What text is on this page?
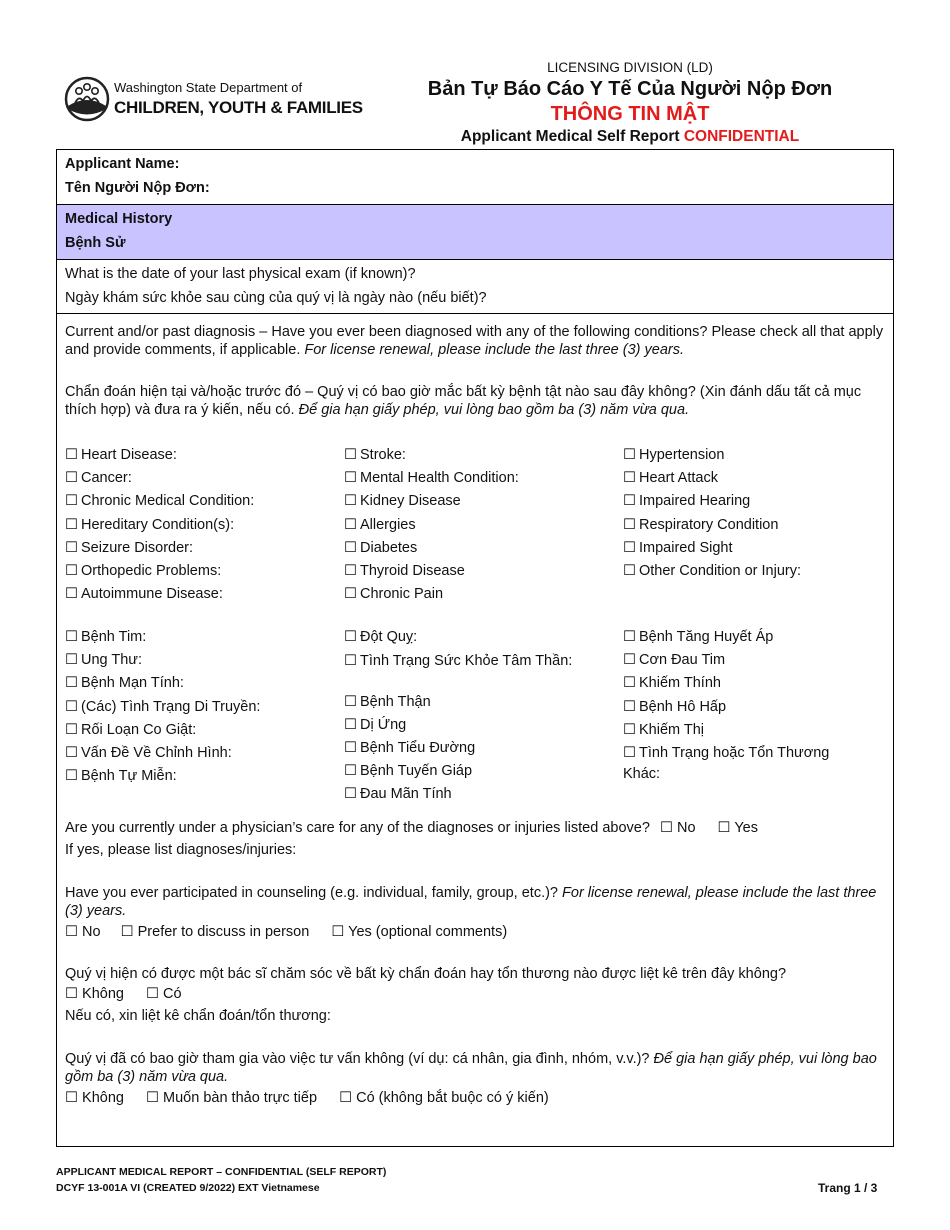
Washington State Department of
CHILDREN, YOUTH & FAMILIES
LICENSING DIVISION (LD)
Bản Tự Báo Cáo Y Tế Của Người Nộp Đơn
THÔNG TIN MẬT
Applicant Medical Self Report CONFIDENTIAL
Applicant Name:
Tên Người Nộp Đơn:
Medical History
Bệnh Sử
What is the date of your last physical exam (if known)?
Ngày khám sức khỏe sau cùng của quý vị là ngày nào (nếu biết)?
Current and/or past diagnosis – Have you ever been diagnosed with any of the following conditions? Please check all that apply and provide comments, if applicable. For license renewal, please include the last three (3) years.
Chẩn đoán hiện tại và/hoặc trước đó – Quý vị có bao giờ mắc bất kỳ bệnh tật nào sau đây không? (Xin đánh dấu tất cả mục thích hợp) và đưa ra ý kiến, nếu có. Để gia hạn giấy phép, vui lòng bao gồm ba (3) năm vừa qua.
☐ Heart Disease:
☐ Cancer:
☐ Chronic Medical Condition:
☐ Hereditary Condition(s):
☐ Seizure Disorder:
☐ Orthopedic Problems:
☐ Autoimmune Disease:
☐ Stroke:
☐ Mental Health Condition:
☐ Kidney Disease
☐ Allergies
☐ Diabetes
☐ Thyroid Disease
☐ Chronic Pain
☐ Hypertension
☐ Heart Attack
☐ Impaired Hearing
☐ Respiratory Condition
☐ Impaired Sight
☐ Other Condition or Injury:
☐ Bệnh Tim:
☐ Ung Thư:
☐ Bệnh Mạn Tính:
☐ (Các) Tình Trạng Di Truyền:
☐ Rối Loạn Co Giật:
☐ Vấn Đề Về Chỉnh Hình:
☐ Bệnh Tự Miễn:
☐ Đột Quỵ:
☐ Tình Trạng Sức Khỏe Tâm Thần:
☐ Bệnh Thận
☐ Dị Ứng
☐ Bệnh Tiểu Đường
☐ Bệnh Tuyến Giáp
☐ Đau Mãn Tính
☐ Bệnh Tăng Huyết Áp
☐ Cơn Đau Tim
☐ Khiếm Thính
☐ Bệnh Hô Hấp
☐ Khiếm Thị
☐ Tình Trạng hoặc Tổn Thương
Khác:
Are you currently under a physician’s care for any of the diagnoses or injuries listed above? ☐ No ☐ Yes
If yes, please list diagnoses/injuries:
Have you ever participated in counseling (e.g. individual, family, group, etc.)? For license renewal, please include the last three (3) years.
☐ No ☐ Prefer to discuss in person ☐ Yes (optional comments)
Quý vị hiện có được một bác sĩ chăm sóc về bất kỳ chẩn đoán hay tổn thương nào được liệt kê trên đây không?
☐ Không ☐ Có
Nếu có, xin liệt kê chẩn đoán/tổn thương:
Quý vị đã có bao giờ tham gia vào việc tư vấn không (ví dụ: cá nhân, gia đình, nhóm, v.v.)? Để gia hạn giấy phép, vui lòng bao gồm ba (3) năm vừa qua.
☐ Không ☐ Muốn bàn thảo trực tiếp ☐ Có (không bắt buộc có ý kiến)
APPLICANT MEDICAL REPORT – CONFIDENTIAL (SELF REPORT)
DCYF 13-001A VI (CREATED 9/2022) EXT Vietnamese	Trang 1 / 3
